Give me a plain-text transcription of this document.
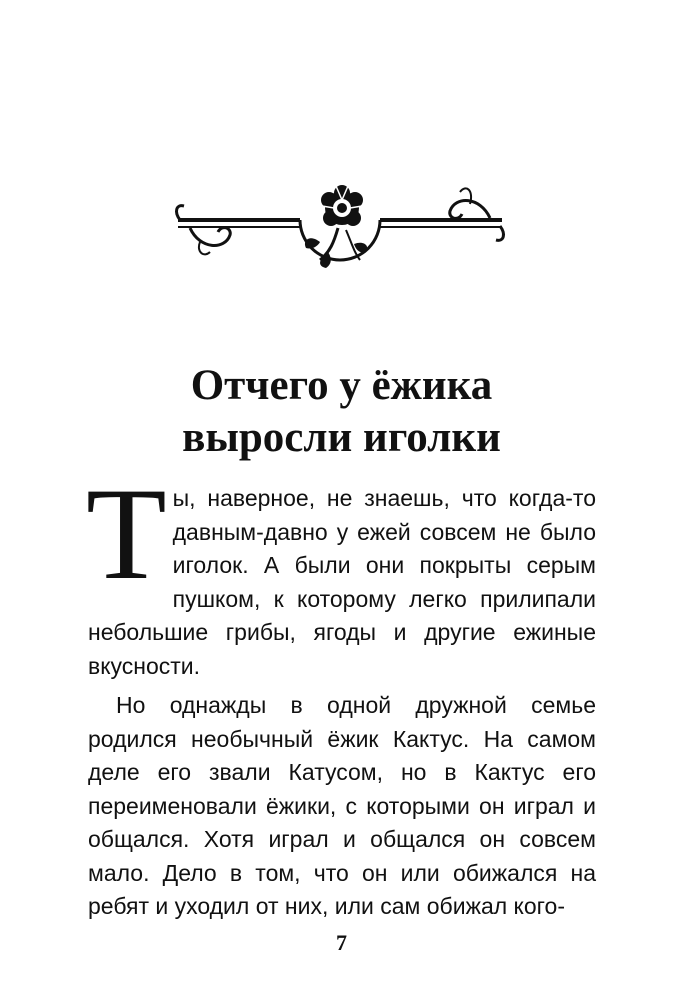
Отчего у ёжика
выросли иголки

Ты, наверное, не знаешь, что когда-то давным-давно у ежей совсем не было иголок. А были они покрыты серым пушком, к которому легко прилипали небольшие грибы, ягоды и другие ежиные вкусности.

Но однажды в одной дружной семье родился необычный ёжик Кактус. На самом деле его звали Катусом, но в Кактус его переименовали ёжики, с которыми он играл и общался. Хотя играл и общался он совсем мало. Дело в том, что он или обижался на ребят и уходил от них, или сам обижал кого-

7
